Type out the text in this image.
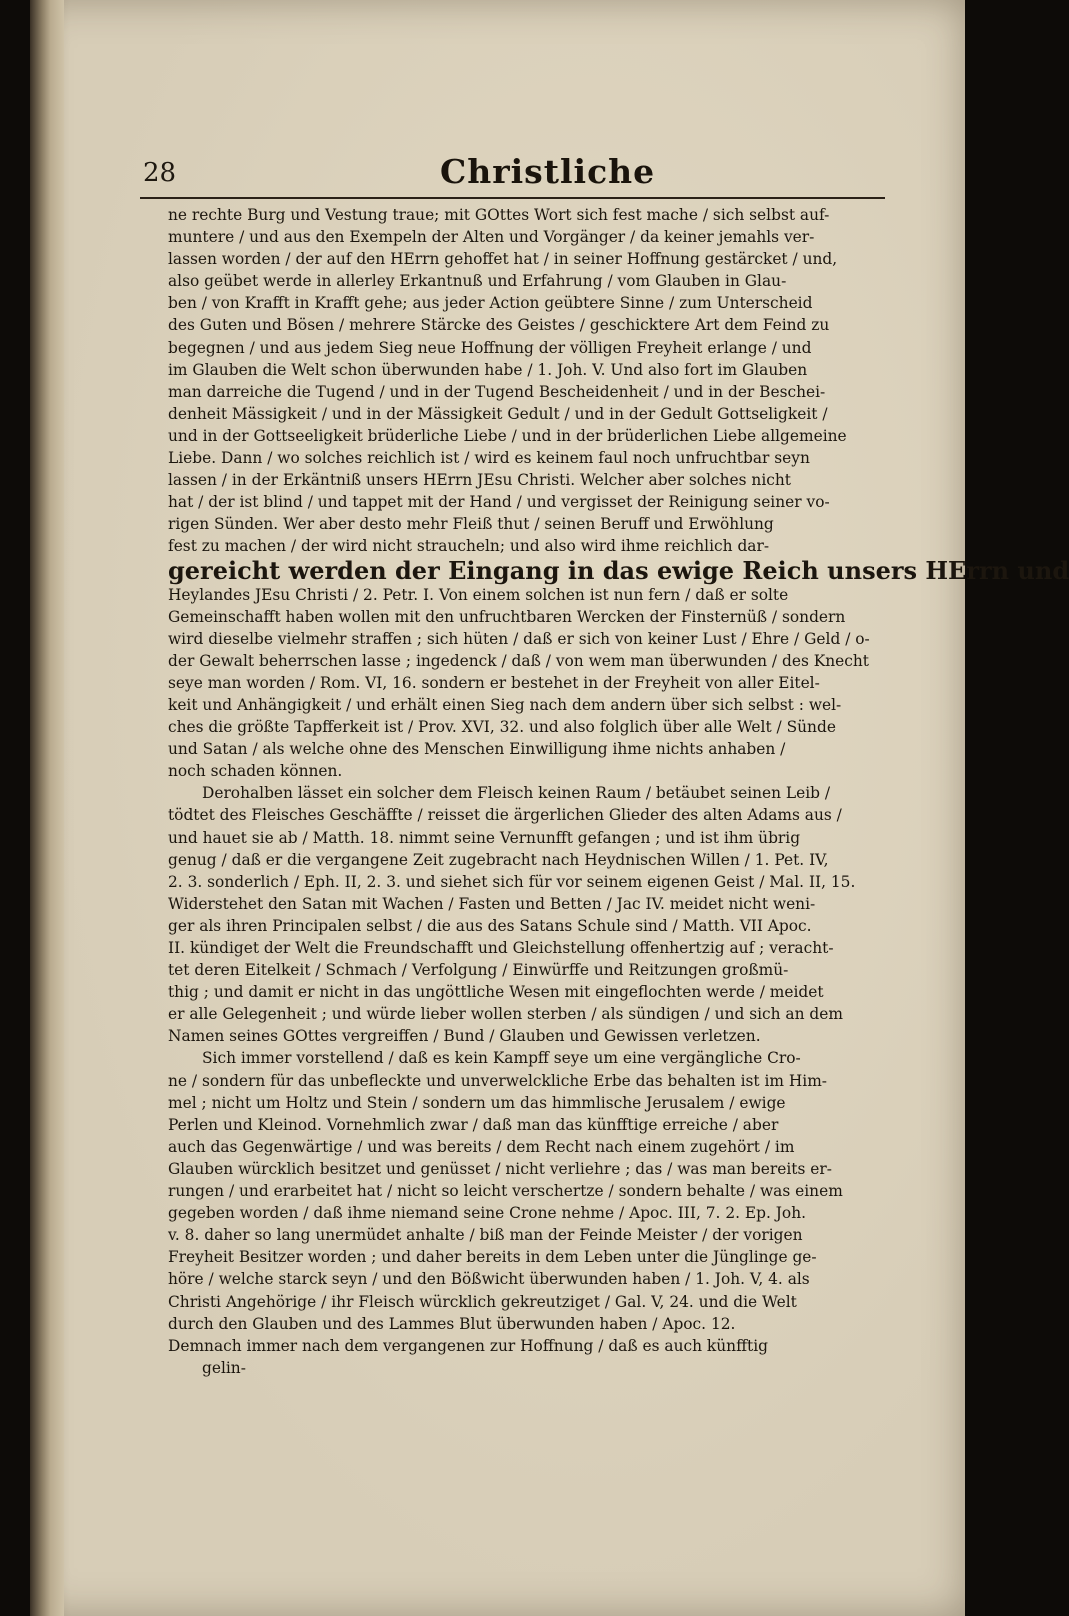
28	Christliche
ne rechte Burg und Vestung traue; mit GOttes Wort sich fest mache / sich selbst auf-
muntere / und aus den Exempeln der Alten und Vorgänger / da keiner jemahls ver-
lassen worden / der auf den HErrn gehoffet hat / in seiner Hoffnung gestärcket / und,
also geübet werde in allerley Erkantnuß und Erfahrung / vom Glauben in Glau-
ben / von Krafft in Krafft gehe; aus jeder Action geübtere Sinne / zum Unterscheid
des Guten und Bösen / mehrere Stärcke des Geistes / geschicktere Art dem Feind zu
begegnen / und aus jedem Sieg neue Hoffnung der völligen Freyheit erlange / und
im Glauben die Welt schon überwunden habe / 1. Joh. V. Und also fort im Glauben
man darreiche die Tugend / und in der Tugend Bescheidenheit / und in der Beschei-
denheit Mässigkeit / und in der Mässigkeit Gedult / und in der Gedult Gottseligkeit /
und in der Gottseeligkeit brüderliche Liebe / und in der brüderlichen Liebe allgemeine
Liebe. Dann / wo solches reichlich ist / wird es keinem faul noch unfruchtbar seyn
lassen / in der Erkäntniß unsers HErrn JEsu Christi. Welcher aber solches nicht
hat / der ist blind / und tappet mit der Hand / und vergisset der Reinigung seiner vo-
rigen Sünden. Wer aber desto mehr Fleiß thut / seinen Beruff und Erwöhlung
fest zu machen / der wird nicht straucheln; und also wird ihme reichlich dar-
gereicht werden der Eingang in das ewige Reich unsers HErrn und
Heylandes JEsu Christi / 2. Petr. I. Von einem solchen ist nun fern / daß er solte
Gemeinschafft haben wollen mit den unfruchtbaren Wercken der Finsternüß / sondern
wird dieselbe vielmehr straffen ; sich hüten / daß er sich von keiner Lust / Ehre / Geld / o-
der Gewalt beherrschen lasse ; ingedenck / daß / von wem man überwunden / des Knecht
seye man worden / Rom. VI, 16. sondern er bestehet in der Freyheit von aller Eitel-
keit und Anhängigkeit / und erhält einen Sieg nach dem andern über sich selbst : wel-
ches die größte Tapfferkeit ist / Prov. XVI, 32. und also folglich über alle Welt / Sünde
und Satan / als welche ohne des Menschen Einwilligung ihme nichts anhaben /
noch schaden können.
Derohalben lässet ein solcher dem Fleisch keinen Raum / betäubet seinen Leib /
tödtet des Fleisches Geschäffte / reisset die ärgerlichen Glieder des alten Adams aus /
und hauet sie ab / Matth. 18. nimmt seine Vernunfft gefangen ; und ist ihm übrig
genug / daß er die vergangene Zeit zugebracht nach Heydnischen Willen / 1. Pet. IV,
2. 3. sonderlich / Eph. II, 2. 3. und siehet sich für vor seinem eigenen Geist / Mal. II, 15.
Widerstehet den Satan mit Wachen / Fasten und Betten / Jac IV. meidet nicht weni-
ger als ihren Principalen selbst / die aus des Satans Schule sind / Matth. VII Apoc.
II. kündiget der Welt die Freundschafft und Gleichstellung offenhertzig auf ; veracht-
tet deren Eitelkeit / Schmach / Verfolgung / Einwürffe und Reitzungen großmü-
thig ; und damit er nicht in das ungöttliche Wesen mit eingeflochten werde / meidet
er alle Gelegenheit ; und würde lieber wollen sterben / als sündigen / und sich an dem
Namen seines GOttes vergreiffen / Bund / Glauben und Gewissen verletzen.
Sich immer vorstellend / daß es kein Kampff seye um eine vergängliche Cro-
ne / sondern für das unbefleckte und unverwelckliche Erbe das behalten ist im Him-
mel ; nicht um Holtz und Stein / sondern um das himmlische Jerusalem / ewige
Perlen und Kleinod. Vornehmlich zwar / daß man das künfftige erreiche / aber
auch das Gegenwärtige / und was bereits / dem Recht nach einem zugehört / im
Glauben würcklich besitzet und genüsset / nicht verliehre ; das / was man bereits er-
rungen / und erarbeitet hat / nicht so leicht verschertze / sondern behalte / was einem
gegeben worden / daß ihme niemand seine Crone nehme / Apoc. III, 7. 2. Ep. Joh.
v. 8. daher so lang unermüdet anhalte / biß man der Feinde Meister / der vorigen
Freyheit Besitzer worden ; und daher bereits in dem Leben unter die Jünglinge ge-
höre / welche starck seyn / und den Bößwicht überwunden haben / 1. Joh. V, 4. als
Christi Angehörige / ihr Fleisch würcklich gekreutziget / Gal. V, 24. und die Welt
durch den Glauben und des Lammes Blut überwunden haben / Apoc. 12.
Demnach immer nach dem vergangenen zur Hoffnung / daß es auch künfftig
gelin-
